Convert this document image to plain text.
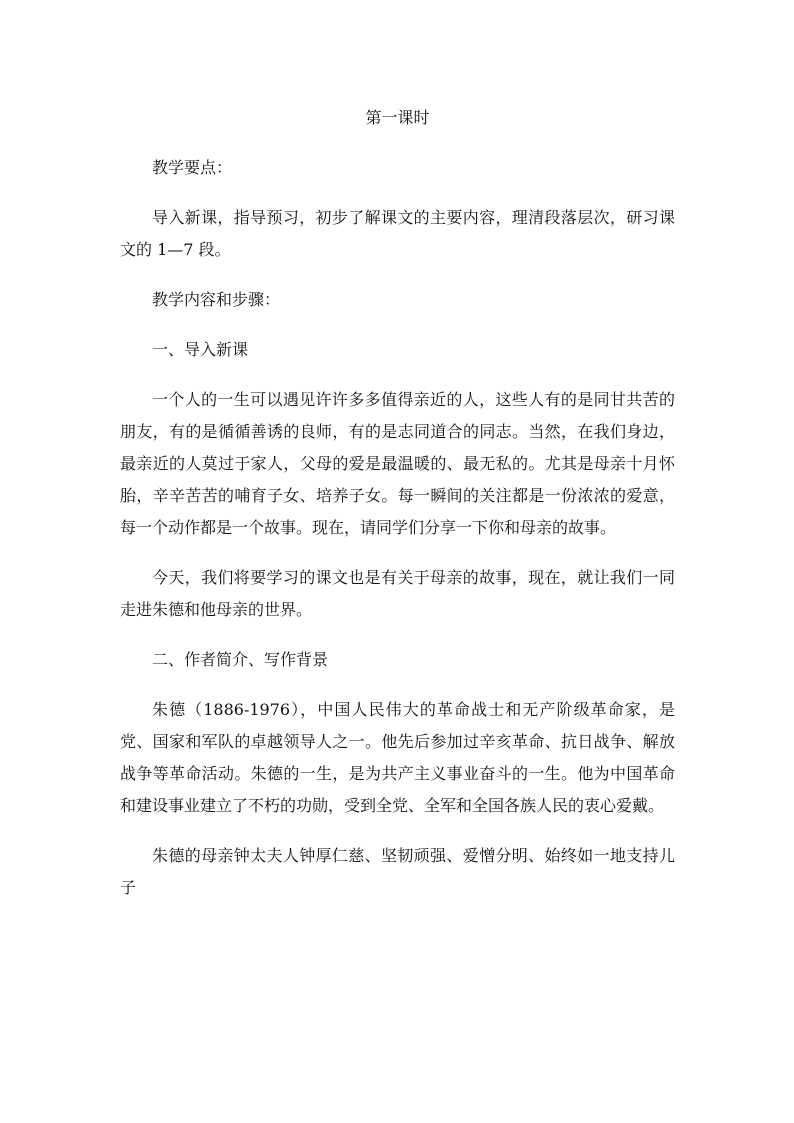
第一课时

教学要点：

导入新课，指导预习，初步了解课文的主要内容，理清段落层次，研习课文的 1—7 段。

教学内容和步骤：

一、导入新课

一个人的一生可以遇见许许多多值得亲近的人，这些人有的是同甘共苦的朋友，有的是循循善诱的良师，有的是志同道合的同志。当然，在我们身边，最亲近的人莫过于家人，父母的爱是最温暖的、最无私的。尤其是母亲十月怀胎，辛辛苦苦的哺育子女、培养子女。每一瞬间的关注都是一份浓浓的爱意，每一个动作都是一个故事。现在，请同学们分享一下你和母亲的故事。

今天，我们将要学习的课文也是有关于母亲的故事，现在，就让我们一同走进朱德和他母亲的世界。

二、作者简介、写作背景

朱德（1886-1976），中国人民伟大的革命战士和无产阶级革命家，是党、国家和军队的卓越领导人之一。他先后参加过辛亥革命、抗日战争、解放战争等革命活动。朱德的一生，是为共产主义事业奋斗的一生。他为中国革命和建设事业建立了不朽的功勋，受到全党、全军和全国各族人民的衷心爱戴。

朱德的母亲钟太夫人钟厚仁慈、坚韧顽强、爱憎分明、始终如一地支持儿子
